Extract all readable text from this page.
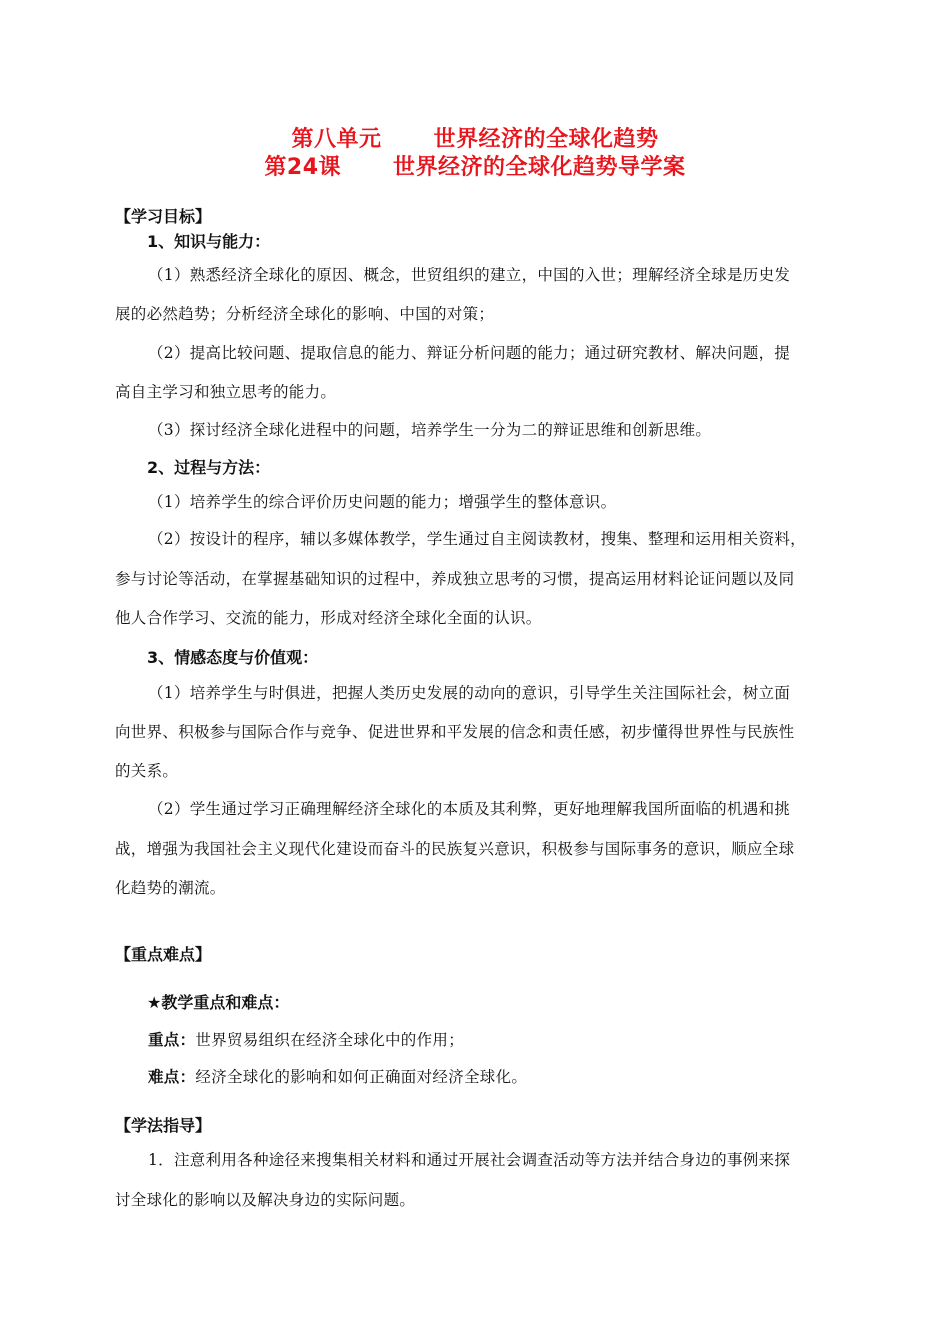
第八单元 世界经济的全球化趋势
第24课 世界经济的全球化趋势导学案
【学习目标】
1、知识与能力：
（1）熟悉经济全球化的原因、概念，世贸组织的建立，中国的入世；理解经济全球是历史发
展的必然趋势；分析经济全球化的影响、中国的对策；
（2）提高比较问题、提取信息的能力、辩证分析问题的能力；通过研究教材、解决问题，提
高自主学习和独立思考的能力。
（3）探讨经济全球化进程中的问题，培养学生一分为二的辩证思维和创新思维。
2、过程与方法：
（1）培养学生的综合评价历史问题的能力；增强学生的整体意识。
（2）按设计的程序，辅以多媒体教学，学生通过自主阅读教材，搜集、整理和运用相关资料，
参与讨论等活动，在掌握基础知识的过程中，养成独立思考的习惯，提高运用材料论证问题以及同
他人合作学习、交流的能力，形成对经济全球化全面的认识。
3、情感态度与价值观：
（1）培养学生与时俱进，把握人类历史发展的动向的意识，引导学生关注国际社会，树立面
向世界、积极参与国际合作与竞争、促进世界和平发展的信念和责任感，初步懂得世界性与民族性
的关系。
（2）学生通过学习正确理解经济全球化的本质及其利弊，更好地理解我国所面临的机遇和挑
战，增强为我国社会主义现代化建设而奋斗的民族复兴意识，积极参与国际事务的意识，顺应全球
化趋势的潮流。
【重点难点】
★教学重点和难点：
重点：世界贸易组织在经济全球化中的作用；
难点：经济全球化的影响和如何正确面对经济全球化。
【学法指导】
1．注意利用各种途径来搜集相关材料和通过开展社会调查活动等方法并结合身边的事例来探
讨全球化的影响以及解决身边的实际问题。
